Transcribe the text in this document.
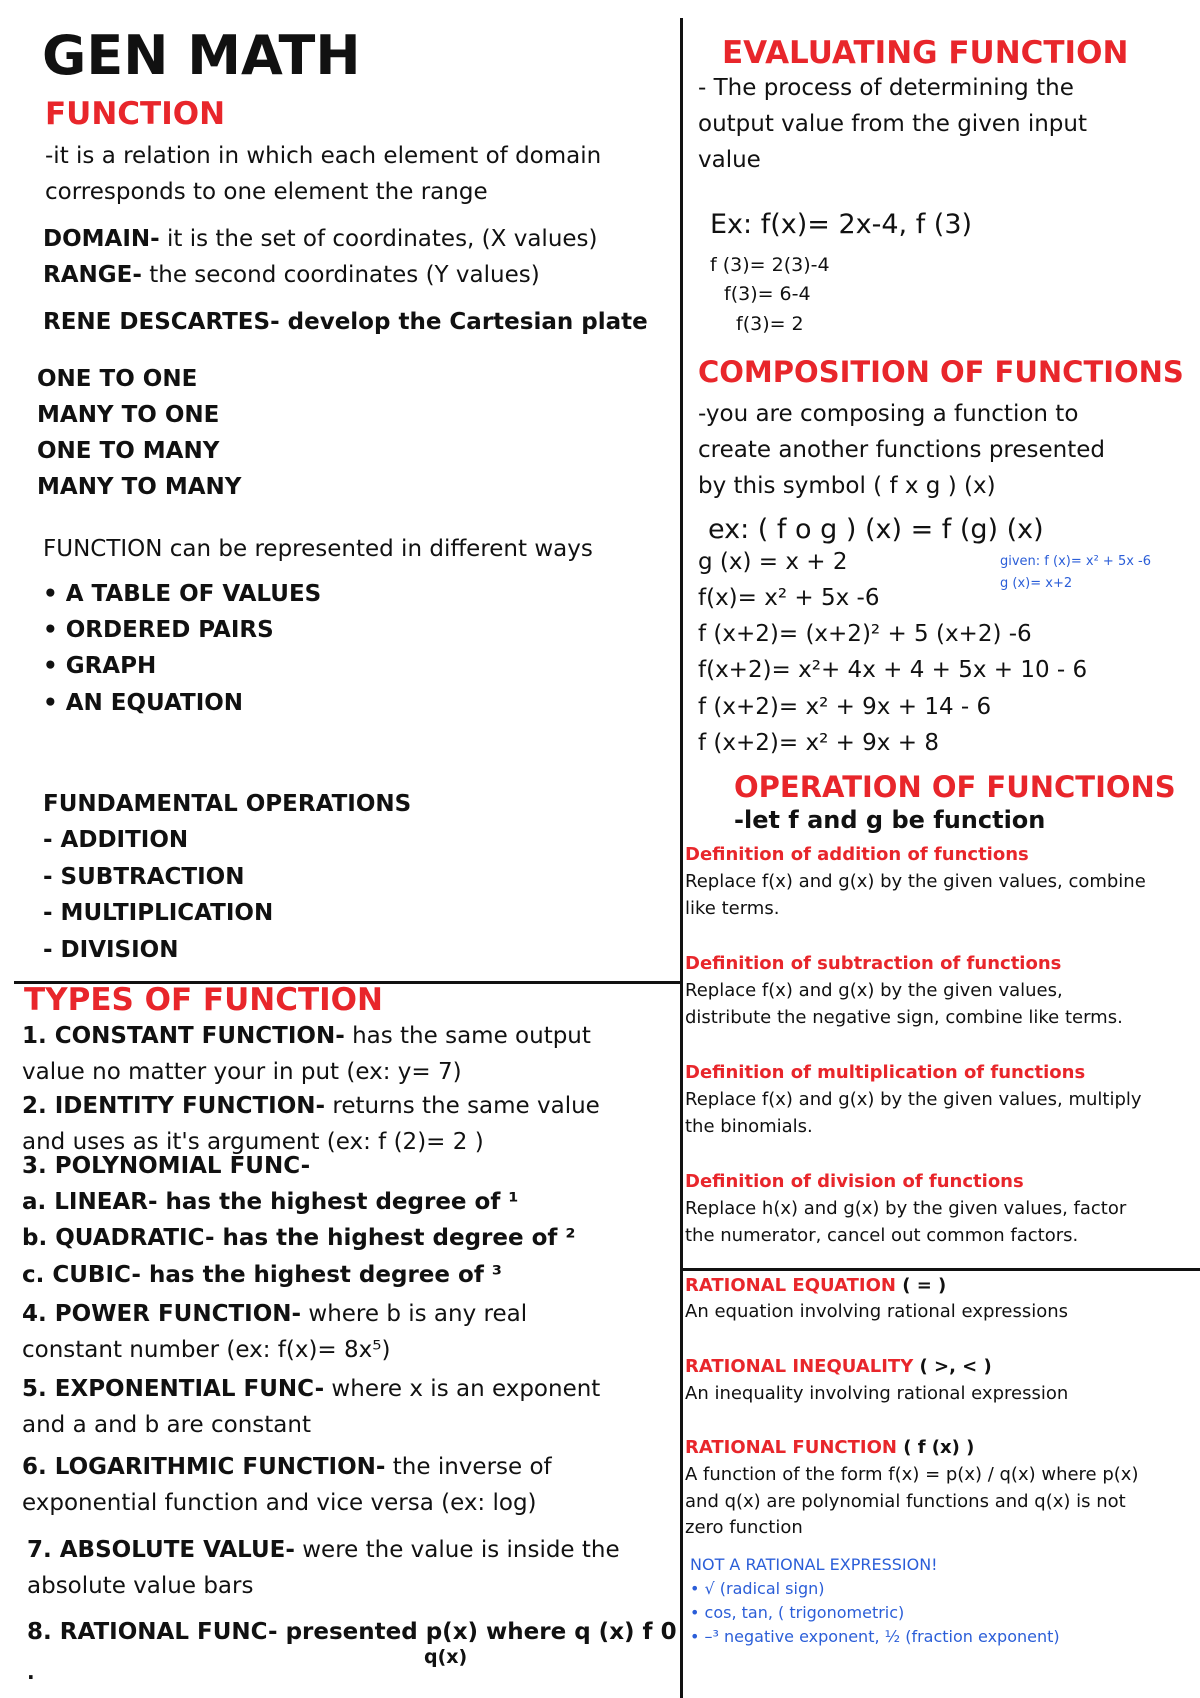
GEN MATH
FUNCTION
-it is a relation in which each element of domain
corresponds to one element the range
DOMAIN- it is the set of coordinates, (X values)
RANGE- the second coordinates (Y values)
RENE DESCARTES- develop the Cartesian plate
ONE TO ONE
MANY TO ONE
ONE TO MANY
MANY TO MANY
FUNCTION can be represented in different ways
• A TABLE OF VALUES
• ORDERED PAIRS
• GRAPH
• AN EQUATION
FUNDAMENTAL OPERATIONS
- ADDITION
- SUBTRACTION
- MULTIPLICATION
- DIVISION
TYPES OF FUNCTION
1. CONSTANT FUNCTION- has the same output
value no matter your in put (ex: y= 7)
2. IDENTITY FUNCTION- returns the same value
and uses as it's argument (ex: f (2)= 2 )
3. POLYNOMIAL FUNC-
a. LINEAR- has the highest degree of ¹
b. QUADRATIC- has the highest degree of ²
c. CUBIC- has the highest degree of ³
4. POWER FUNCTION- where b is any real
constant number (ex: f(x)= 8x⁵)
5. EXPONENTIAL FUNC- where x is an exponent
and a and b are constant
6. LOGARITHMIC FUNCTION- the inverse of
exponential function and vice versa (ex: log)
7. ABSOLUTE VALUE- were the value is inside the
absolute value bars
8. RATIONAL FUNC- presented p(x) where q (x) f 0
q(x)
.
EVALUATING FUNCTION
- The process of determining the
output value from the given input
value
Ex: f(x)= 2x-4, f (3)
f (3)= 2(3)-4
f(3)= 6-4
f(3)= 2
COMPOSITION OF FUNCTIONS
-you are composing a function to
create another functions presented
by this symbol ( f x g ) (x)
ex: ( f o g ) (x) = f (g) (x)
given: f (x)= x² + 5x -6
g (x)= x+2
g (x) = x + 2
f(x)= x² + 5x -6
f (x+2)= (x+2)² + 5 (x+2) -6
f(x+2)= x²+ 4x + 4 + 5x + 10 - 6
f (x+2)= x² + 9x + 14 - 6
f (x+2)= x² + 9x + 8
OPERATION OF FUNCTIONS
-let f and g be function
Definition of addition of functions
Replace f(x) and g(x) by the given values, combine
like terms.
Definition of subtraction of functions
Replace f(x) and g(x) by the given values,
distribute the negative sign, combine like terms.
Definition of multiplication of functions
Replace f(x) and g(x) by the given values, multiply
the binomials.
Definition of division of functions
Replace h(x) and g(x) by the given values, factor
the numerator, cancel out common factors.
RATIONAL EQUATION ( = )
An equation involving rational expressions
RATIONAL INEQUALITY ( >, < )
An inequality involving rational expression
RATIONAL FUNCTION ( f (x) )
A function of the form f(x) = p(x) / q(x) where p(x)
and q(x) are polynomial functions and q(x) is not
zero function
NOT A RATIONAL EXPRESSION!
• √ (radical sign)
• cos, tan, ( trigonometric)
• –³ negative exponent, ½ (fraction exponent)
